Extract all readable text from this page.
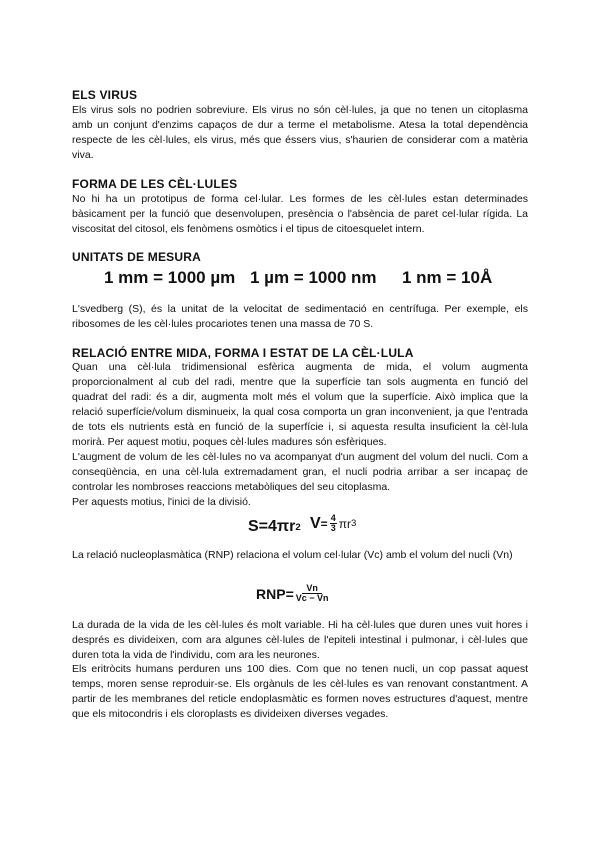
ELS VIRUS

Els virus sols no podrien sobreviure. Els virus no són cèl·lules, ja que no tenen un citoplasma amb un conjunt d'enzims capaços de dur a terme el metabolisme. Atesa la total dependència respecte de les cèl·lules, els virus, més que éssers vius, s'haurien de considerar com a matèria viva.

FORMA DE LES CÈL·LULES

No hi ha un prototipus de forma cel·lular. Les formes de les cèl·lules estan determinades bàsicament per la funció que desenvolupen, presència o l'absència de paret cel·lular rígida. La viscositat del citosol, els fenòmens osmòtics i el tipus de citoesquelet intern.

UNITATS DE MESURA
1 mm = 1000 µm 1 µm = 1000 nm 1 nm = 10Å

L'svedberg (S), és la unitat de la velocitat de sedimentació en centrífuga. Per exemple, els ribosomes de les cèl·lules procariotes tenen una massa de 70 S.

RELACIÓ ENTRE MIDA, FORMA I ESTAT DE LA CÈL·LULA

Quan una cèl·lula tridimensional esfèrica augmenta de mida, el volum augmenta proporcionalment al cub del radi, mentre que la superfície tan sols augmenta en funció del quadrat del radi: és a dir, augmenta molt més el volum que la superfície. Això implica que la relació superfície/volum disminueix, la qual cosa comporta un gran inconvenient, ja que l'entrada de tots els nutrients està en funció de la superfície i, si aquesta resulta insuficient la cèl·lula morirà. Per aquest motiu, poques cèl·lules madures són esfèriques.

L'augment de volum de les cèl·lules no va acompanyat d'un augment del volum del nucli. Com a conseqüència, en una cèl·lula extremadament gran, el nucli podria arribar a ser incapaç de controlar les nombroses reaccions metabòliques del seu citoplasma.

Per aquests motius, l'inici de la divisió.

S =4πr 2 $V = \frac{4}{3}$ πr 3

La relació nucleoplasmàtica (RNP) relaciona el volum cel·lular (Vc) amb el volum del nucli (Vn)

RNP = $\frac{Vn}{Vc - Vn}$

La durada de la vida de les cèl·lules és molt variable. Hi ha cèl·lules que duren unes vuit hores i després es divideixen, com ara algunes cèl·lules de l'epiteli intestinal i pulmonar, i cèl·lules que duren tota la vida de l'individu, com ara les neurones.

Els eritròcits humans perduren uns 100 dies. Com que no tenen nucli, un cop passat aquest temps, moren sense reproduir-se. Els orgànuls de les cèl·lules es van renovant constantment. A partir de les membranes del reticle endoplasmàtic es formen noves estructures d'aquest, mentre que els mitocondris i els cloroplasts es divideixen diverses vegades.
